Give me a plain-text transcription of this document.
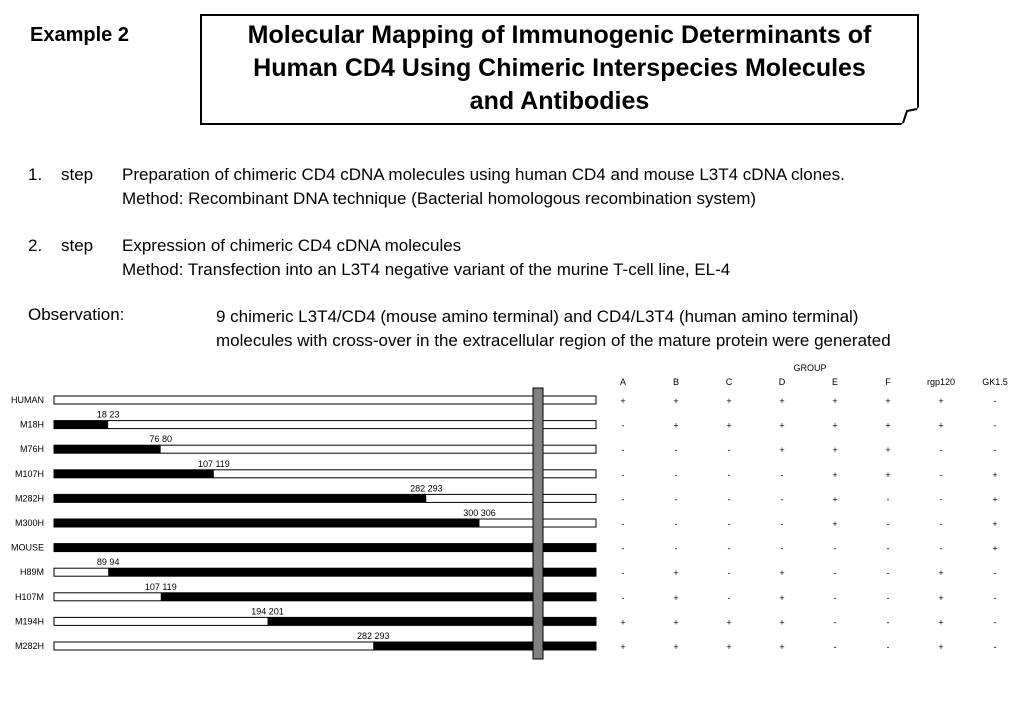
Example 2	Molecular Mapping of Immunogenic Determinants of
Human CD4 Using Chimeric Interspecies Molecules
and Antibodies
1. step Preparation of chimeric CD4 cDNA molecules using human CD4 and mouse L3T4 cDNA clones.
Method: Recombinant DNA technique (Bacterial homologous recombination system)
2. step Expression of chimeric CD4 cDNA molecules
Method: Transfection into an L3T4 negative variant of the murine T-cell line, EL-4
Observation:	9 chimeric L3T4/CD4 (mouse amino terminal) and CD4/L3T4 (human amino terminal)
molecules with cross-over in the extracellular region of the mature protein were generated
GROUP
A	B	C	D	E	F	rgp120	GK1.5
HUMAN	+	+	+	+	+	+	+	-
M18H
18 23
-	+	+	+	+	+	+	-
M76H
76 80
-	-	-	+	+	+	-	-
M107H
107 119
-	-	-	-	+	+	-	+
M282H
282 293
-	-	-	-	+	-	-	+
M300H
300 306
-	-	-	-	+	-	-	+
MOUSE	-	-	-	-	-	-	-	+
H89M
89 94
-	+	-	+	-	-	+	-
H107M
107 119
-	+	-	+	-	-	+	-
M194H
194 201
+	+	+	+	-	-	+	-
M282H
282 293
+	+	+	+	-	-	+	-
